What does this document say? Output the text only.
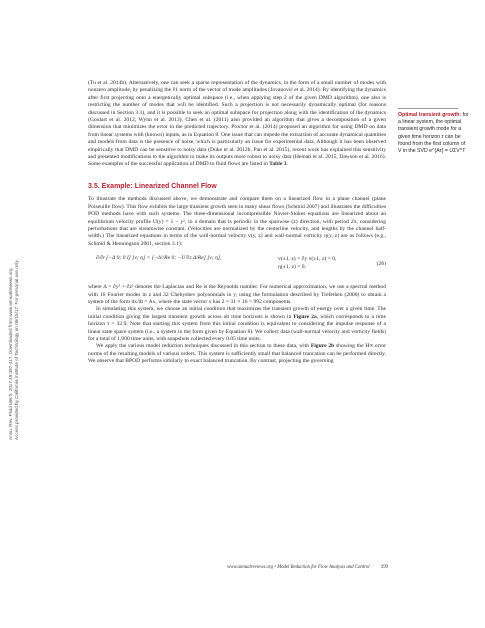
Annu. Rev. Fluid Mech. 2017.49:387-417. Downloaded from www.annualreviews.org Access provided by California Institute of Technology on 06/15/17. For personal use only.
Optimal transient growth: for a linear system, the optimal transient growth mode for a given time horizon τ can be found from the first column of V in the SVD e^{Aτ} = UΣV^T

(Tu et al. 2014b). Alternatively, one can seek a sparse representation of the dynamics, in the form of a small number of modes with nonzero amplitude, by penalizing the ℓ1 norm of the vector of mode amplitudes (Jovanović et al. 2014). By identifying the dynamics after first projecting onto a energetically optimal subspace (i.e., when applying step 2 of the given DMD algorithm), one also is restricting the number of modes that will be identified. Such a projection is not necessarily dynamically optimal (for reasons discussed in Section 3.1), and it is possible to seek an optimal subspace for projection along with the identification of the dynamics (Goulart et al. 2012, Wynn et al. 2013). Chen et al. (2011) also provided an algorithm that gives a decomposition of a given dimension that minimizes the error in the predicted trajectory. Proctor et al. (2014) proposed an algorithm for using DMD on data from linear systems with (known) inputs, as in Equation 8. One issue that can impede the extraction of accurate dynamical quantities and models from data is the presence of noise, which is particularly an issue for experimental data. Although it has been observed empirically that DMD can be sensitive to noisy data (Duke et al. 2012b, Pan et al. 2015), recent work has explained this sensitivity and presented modifications to the algorithm to make its outputs more robust to noisy data (Hemati et al. 2015, Dawson et al. 2016). Some examples of the successful application of DMD to fluid flows are listed in Table 3.

3.5. Example: Linearized Channel Flow

To illustrate the methods discussed above, we demonstrate and compare them on a linearized flow in a plane channel (plane Poiseuille flow). This flow exhibits the large transient growth seen in many shear flows (Schmid 2007) and illustrates the difficulties POD methods have with such systems. The three-dimensional incompressible Navier-Stokes equations are linearized about an equilibrium velocity profile U(y) = 1 − y², in a domain that is periodic in the spanwise (z) direction, with period 2π, considering perturbations that are streamwise constant. (Velocities are normalized by the centerline velocity, and lengths by the channel half-width.) The linearized equations in terms of the wall-normal velocity v(y, z) and wall-normal vorticity η(y, z) are as follows (e.g., Schmid & Henningson 2001, section 3.1):

∂/∂t [−Δ 0; 0 I] [v; η] = [−Δ²/Re 0; −U′∂z Δ/Re] [v; η],	v(±1, z) = ∂y v(±1, z) = 0,
η(±1, z) = 0,	(26)

where Δ = ∂y² + ∂z² denotes the Laplacian and Re is the Reynolds number. For numerical approximation, we use a spectral method with 16 Fourier modes in z and 32 Chebyshev polynomials in y, using the formulation described by Trefethen (2000) to obtain a system of the form dx/dt = Ax, where the state vector x has 2 × 31 × 16 = 992 components.

In simulating this system, we choose an initial condition that maximizes the transient growth of energy over a given time. The initial condition giving the largest transient growth across all time horizons is shown in Figure 2a, which corresponds to a time horizon τ = 32.9. Note that starting this system from this initial condition is equivalent to considering the impulse response of a linear state space system (i.e., a system in the form given by Equation 8). We collect data (wall-normal velocity and vorticity fields) for a total of 1,000 time units, with snapshots collected every 0.05 time units.

We apply the various model reduction techniques discussed in this section to these data, with Figure 2b showing the H∞ error norms of the resulting models of various orders. This system is sufficiently small that balanced truncation can be performed directly. We observe that BPOD performs similarly to exact balanced truncation. By contrast, projecting the governing

www.annualreviews.org • Model Reduction for Flow Analysis and Control 399
